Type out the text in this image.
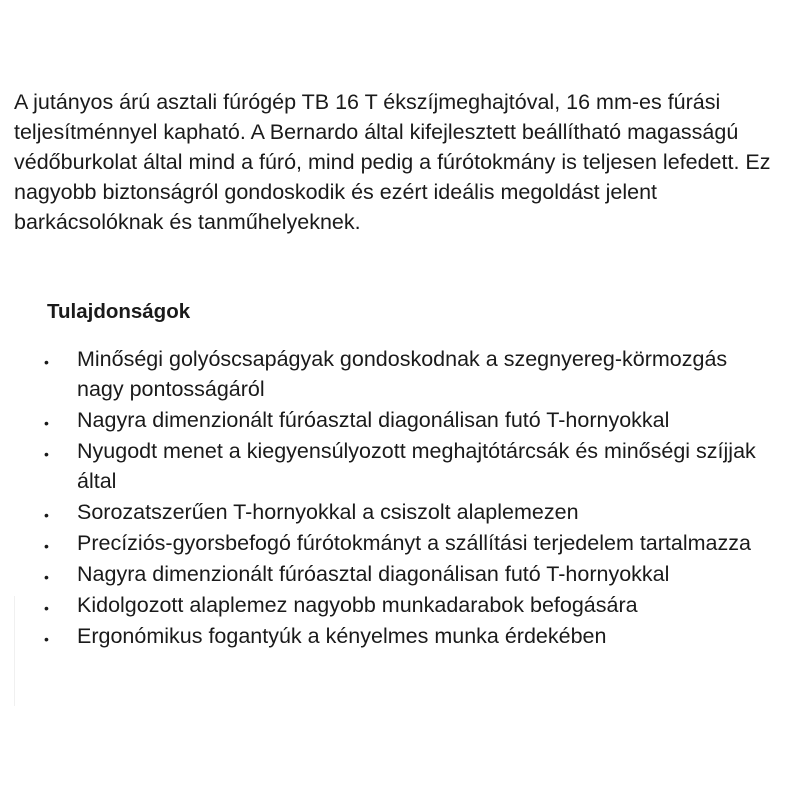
A jutányos árú asztali fúrógép TB 16 T ékszíjmeghajtóval, 16 mm-es fúrási teljesítménnyel kapható. A Bernardo által kifejlesztett beállítható magasságú védőburkolat által mind a fúró, mind pedig a fúrótokmány is teljesen lefedett. Ez nagyobb biztonságról gondoskodik és ezért ideális megoldást jelent barkácsolóknak és tanműhelyeknek.

Tulajdonságok
• Minőségi golyóscsapágyak gondoskodnak a szegnyereg-körmozgás nagy pontosságáról
• Nagyra dimenzionált fúróasztal diagonálisan futó T-hornyokkal
• Nyugodt menet a kiegyensúlyozott meghajtótárcsák és minőségi szíjjak által
• Sorozatszerűen T-hornyokkal a csiszolt alaplemezen
• Precíziós-gyorsbefogó fúrótokmányt a szállítási terjedelem tartalmazza
• Nagyra dimenzionált fúróasztal diagonálisan futó T-hornyokkal
• Kidolgozott alaplemez nagyobb munkadarabok befogására
• Ergonómikus fogantyúk a kényelmes munka érdekében
